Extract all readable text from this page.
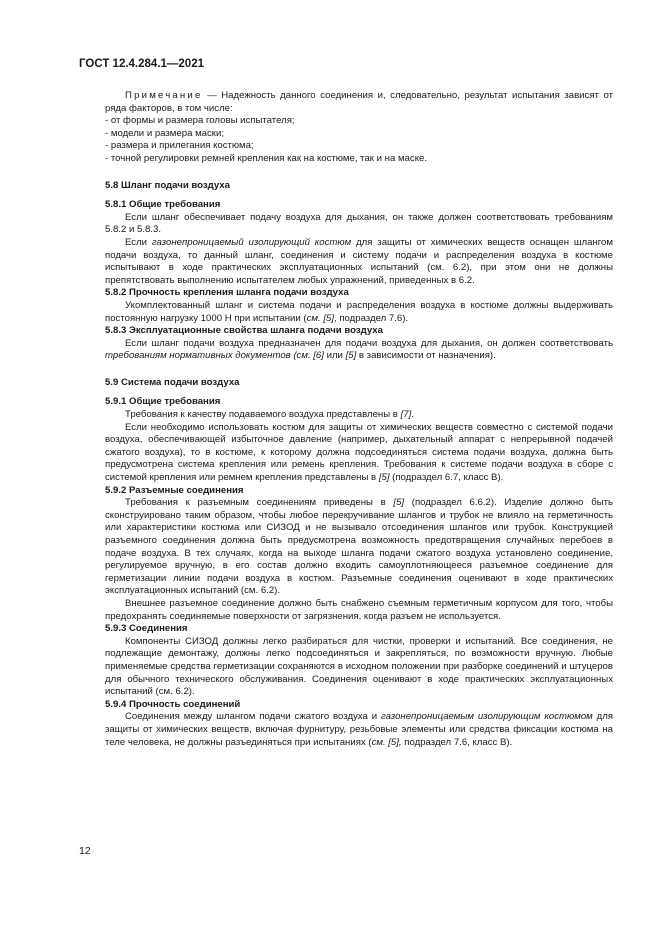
ГОСТ 12.4.284.1—2021

Примечание — Надежность данного соединения и, следовательно, результат испытания зависят от ряда факторов, в том числе:

- от формы и размера головы испытателя;
- модели и размера маски;
- размера и прилегания костюма;
- точной регулировки ремней крепления как на костюме, так и на маске.

5.8 Шланг подачи воздуха

5.8.1 Общие требования

Если шланг обеспечивает подачу воздуха для дыхания, он также должен соответствовать требованиям 5.8.2 и 5.8.3.

Если газонепроницаемый изолирующий костюм для защиты от химических веществ оснащен шлангом подачи воздуха, то данный шланг, соединения и систему подачи и распределения воздуха в костюме испытывают в ходе практических эксплуатационных испытаний (см. 6.2), при этом они не должны препятствовать выполнению испытателем любых упражнений, приведенных в 6.2.

5.8.2 Прочность крепления шланга подачи воздуха

Укомплектованный шланг и система подачи и распределения воздуха в костюме должны выдерживать постоянную нагрузку 1000 Н при испытании (см. [5], подраздел 7.6).

5.8.3 Эксплуатационные свойства шланга подачи воздуха

Если шланг подачи воздуха предназначен для подачи воздуха для дыхания, он должен соответствовать требованиям нормативных документов (см. [6] или [5] в зависимости от назначения).

5.9 Система подачи воздуха

5.9.1 Общие требования

Требования к качеству подаваемого воздуха представлены в [7].

Если необходимо использовать костюм для защиты от химических веществ совместно с системой подачи воздуха, обеспечивающей избыточное давление (например, дыхательный аппарат с непрерывной подачей сжатого воздуха), то в костюме, к которому должна подсоединяться система подачи воздуха, должна быть предусмотрена система крепления или ремень крепления. Требования к системе подачи воздуха в сборе с системой крепления или ремнем крепления представлены в [5] (подраздел 6.7, класс В).

5.9.2 Разъемные соединения

Требования к разъемным соединениям приведены в [5] (подраздел 6.6.2). Изделие должно быть сконструировано таким образом, чтобы любое перекручивание шлангов и трубок не влияло на герметичность или характеристики костюма или СИЗОД и не вызывало отсоединения шлангов или трубок. Конструкцией разъемного соединения должна быть предусмотрена возможность предотвращения случайных перебоев в подаче воздуха. В тех случаях, когда на выходе шланга подачи сжатого воздуха установлено соединение, регулируемое вручную, в его состав должно входить самоуплотняющееся разъемное соединение для герметизации линии подачи воздуха в костюм. Разъемные соединения оценивают в ходе практических эксплуатационных испытаний (см. 6.2).

Внешнее разъемное соединение должно быть снабжено съемным герметичным корпусом для того, чтобы предохранять соединяемые поверхности от загрязнения, когда разъем не используется.

5.9.3 Соединения

Компоненты СИЗОД должны легко разбираться для чистки, проверки и испытаний. Все соединения, не подлежащие демонтажу, должны легко подсоединяться и закрепляться, по возможности вручную. Любые применяемые средства герметизации сохраняются в исходном положении при разборке соединений и штуцеров для обычного технического обслуживания. Соединения оценивают в ходе практических эксплуатационных испытаний (см. 6.2).

5.9.4 Прочность соединений

Соединения между шлангом подачи сжатого воздуха и газонепроницаемым изолирующим костюмом для защиты от химических веществ, включая фурнитуру, резьбовые элементы или средства фиксации костюма на теле человека, не должны разъединяться при испытаниях (см. [5], подраздел 7.6, класс В).

12
